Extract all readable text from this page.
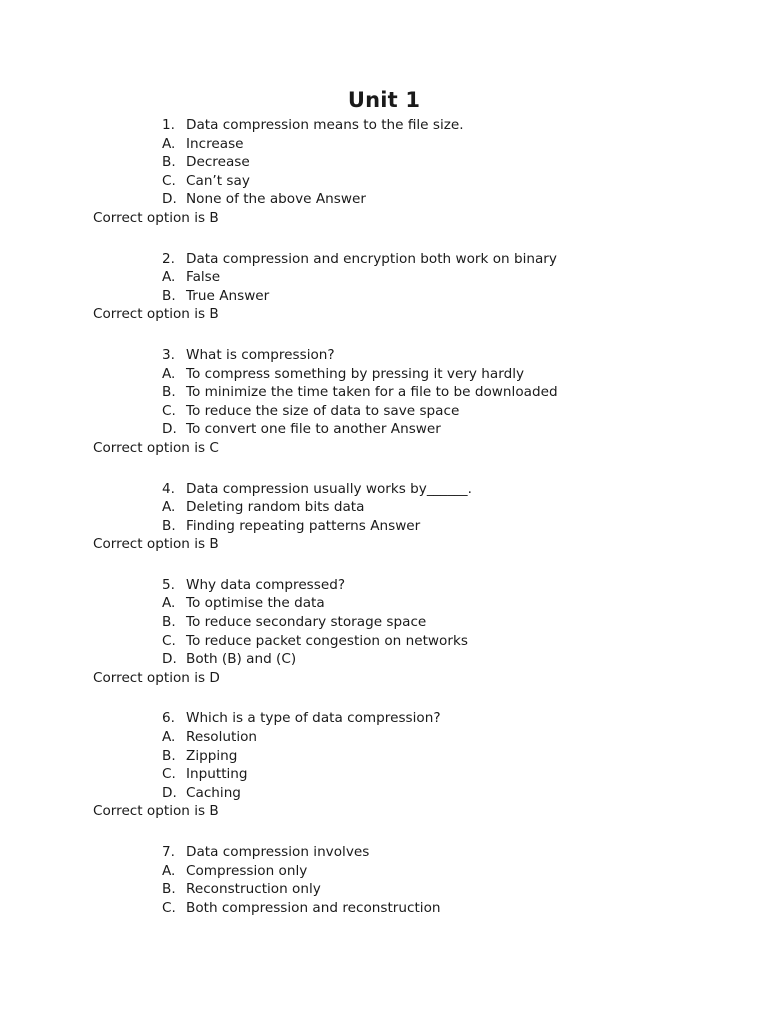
Unit 1
1. Data compression means to the file size.
A. Increase
B. Decrease
C. Can’t say
D. None of the above Answer
Correct option is B
2. Data compression and encryption both work on binary
A. False
B. True Answer
Correct option is B
3. What is compression?
A. To compress something by pressing it very hardly
B. To minimize the time taken for a file to be downloaded
C. To reduce the size of data to save space
D. To convert one file to another Answer
Correct option is C
4. Data compression usually works by______.
A. Deleting random bits data
B. Finding repeating patterns Answer
Correct option is B
5. Why data compressed?
A. To optimise the data
B. To reduce secondary storage space
C. To reduce packet congestion on networks
D. Both (B) and (C)
Correct option is D
6. Which is a type of data compression?
A. Resolution
B. Zipping
C. Inputting
D. Caching
Correct option is B
7. Data compression involves
A. Compression only
B. Reconstruction only
C. Both compression and reconstruction
